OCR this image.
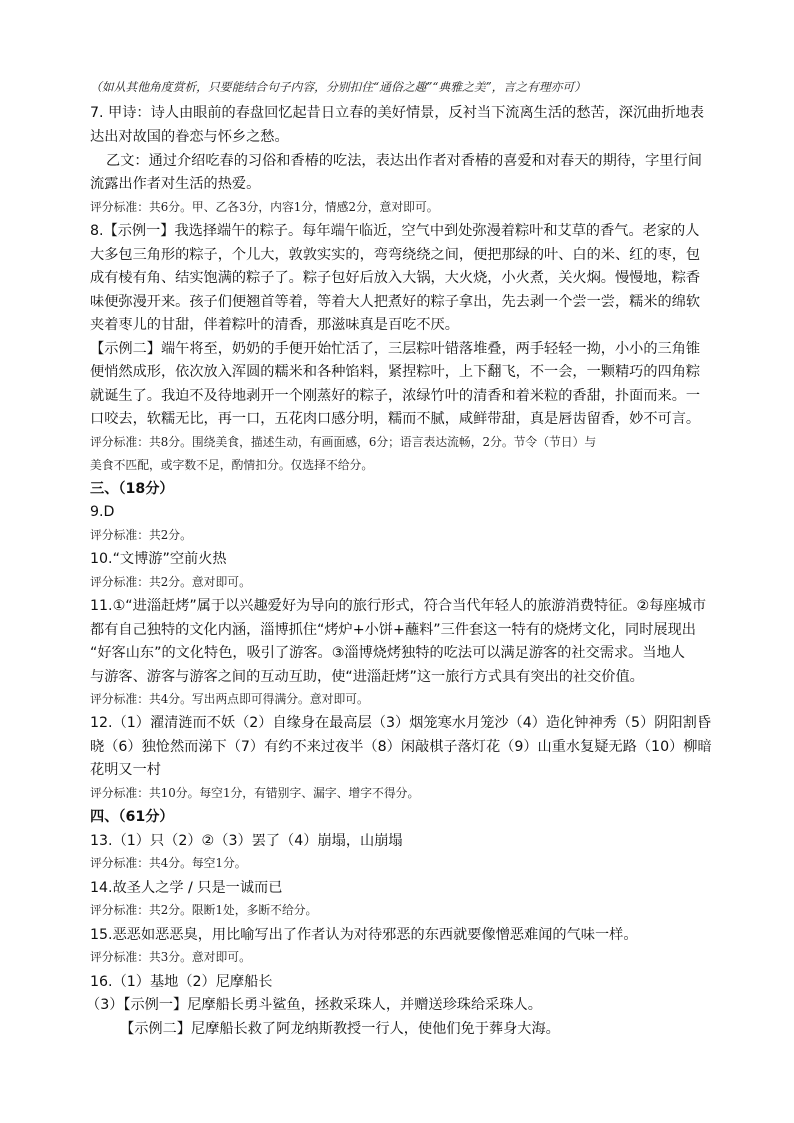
（如从其他角度赏析，只要能结合句子内容，分别扣住“通俗之趣”“典雅之美”，言之有理亦可）
7. 甲诗：诗人由眼前的春盘回忆起昔日立春的美好情景，反衬当下流离生活的愁苦，深沉曲折地表
达出对故国的眷恋与怀乡之愁。
乙文：通过介绍吃春的习俗和香椿的吃法，表达出作者对香椿的喜爱和对春天的期待，字里行间
流露出作者对生活的热爱。
评分标准：共6分。甲、乙各3分，内容1分，情感2分，意对即可。
8.【示例一】我选择端午的粽子。每年端午临近，空气中到处弥漫着粽叶和艾草的香气。老家的人
大多包三角形的粽子，个儿大，敦敦实实的，弯弯绕绕之间，便把那绿的叶、白的米、红的枣，包
成有棱有角、结实饱满的粽子了。粽子包好后放入大锅，大火烧，小火煮，关火焖。慢慢地，粽香
味便弥漫开来。孩子们便翘首等着，等着大人把煮好的粽子拿出，先去剥一个尝一尝，糯米的绵软
夹着枣儿的甘甜，伴着粽叶的清香，那滋味真是百吃不厌。
【示例二】端午将至，奶奶的手便开始忙活了，三层粽叶错落堆叠，两手轻轻一拗，小小的三角锥
便悄然成形，依次放入浑圆的糯米和各种馅料，紧捏粽叶，上下翻飞，不一会，一颗精巧的四角粽
就诞生了。我迫不及待地剥开一个刚蒸好的粽子，浓绿竹叶的清香和着米粒的香甜，扑面而来。一
口咬去，软糯无比，再一口，五花肉口感分明，糯而不腻，咸鲜带甜，真是唇齿留香，妙不可言。
评分标准：共8分。围绕美食，描述生动，有画面感，6分；语言表达流畅，2分。节令（节日）与
美食不匹配，或字数不足，酌情扣分。仅选择不给分。
三、（18分）
9.D
评分标准：共2分。
10.“文博游”空前火热
评分标准：共2分。意对即可。
11.①“进淄赶烤”属于以兴趣爱好为导向的旅行形式，符合当代年轻人的旅游消费特征。②每座城市
都有自己独特的文化内涵，淄博抓住“烤炉+小饼+蘸料”三件套这一特有的烧烤文化，同时展现出
“好客山东”的文化特色，吸引了游客。③淄博烧烤独特的吃法可以满足游客的社交需求。当地人
与游客、游客与游客之间的互动互助，使“进淄赶烤”这一旅行方式具有突出的社交价值。
评分标准：共4分。写出两点即可得满分。意对即可。
12.（1）濯清涟而不妖（2）自缘身在最高层（3）烟笼寒水月笼沙（4）造化钟神秀（5）阴阳割昏
晓（6）独怆然而涕下（7）有约不来过夜半（8）闲敲棋子落灯花（9）山重水复疑无路（10）柳暗
花明又一村
评分标准：共10分。每空1分，有错别字、漏字、增字不得分。
四、（61分）
13.（1）只（2）②（3）罢了（4）崩塌，山崩塌
评分标准：共4分。每空1分。
14.故圣人之学 / 只是一诚而已
评分标准：共2分。限断1处，多断不给分。
15.恶恶如恶恶臭，用比喻写出了作者认为对待邪恶的东西就要像憎恶难闻的气味一样。
评分标准：共3分。意对即可。
16.（1）基地（2）尼摩船长
（3）【示例一】尼摩船长勇斗鲨鱼，拯救采珠人，并赠送珍珠给采珠人。
【示例二】尼摩船长救了阿龙纳斯教授一行人，使他们免于葬身大海。
